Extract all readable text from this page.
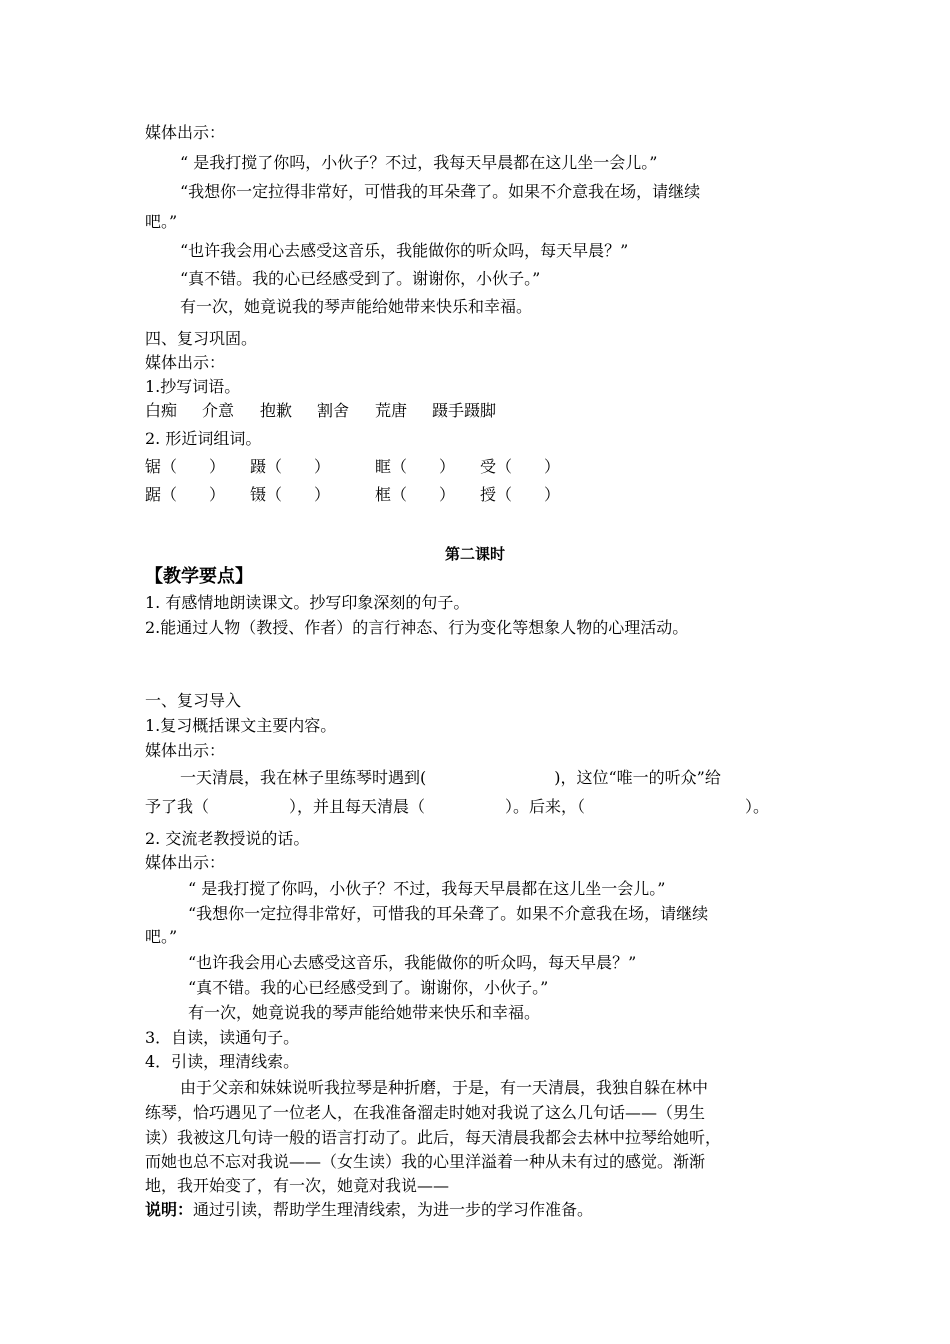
媒体出示：
“ 是我打搅了你吗，小伙子？不过，我每天早晨都在这儿坐一会儿。”
“我想你一定拉得非常好，可惜我的耳朵聋了。如果不介意我在场，请继续
吧。”
“也许我会用心去感受这音乐，我能做你的听众吗，每天早晨？”
“真不错。我的心已经感受到了。谢谢你，小伙子。”
有一次，她竟说我的琴声能给她带来快乐和幸福。
四、复习巩固。
媒体出示：
1.抄写词语。
白痴 介意 抱歉 割舍 荒唐 蹑手蹑脚
2. 形近词组词。
锯（　　） 蹑（　　）	眶（　　） 受（　　）
踞（　　） 镊（　　）	框（　　） 授（　　）
第二课时
【教学要点】
1. 有感情地朗读课文。抄写印象深刻的句子。
2.能通过人物（教授、作者）的言行神态、行为变化等想象人物的心理活动。
一、复习导入
1.复习概括课文主要内容。
媒体出示：
一天清晨，我在林子里练琴时遇到(　　　　　　　　)，这位“唯一的听众”给
予了我（　　　　　），并且每天清晨（　　　　　）。后来，（　　　　　　　　　　）。
2. 交流老教授说的话。
媒体出示：
“ 是我打搅了你吗，小伙子？不过，我每天早晨都在这儿坐一会儿。”
“我想你一定拉得非常好，可惜我的耳朵聋了。如果不介意我在场，请继续
吧。”
“也许我会用心去感受这音乐，我能做你的听众吗，每天早晨？”
“真不错。我的心已经感受到了。谢谢你，小伙子。”
有一次，她竟说我的琴声能给她带来快乐和幸福。
3．自读，读通句子。
4．引读，理清线索。
由于父亲和妹妹说听我拉琴是种折磨，于是，有一天清晨，我独自躲在林中
练琴，恰巧遇见了一位老人，在我准备溜走时她对我说了这么几句话——（男生
读）我被这几句诗一般的语言打动了。此后，每天清晨我都会去林中拉琴给她听，
而她也总不忘对我说——（女生读）我的心里洋溢着一种从未有过的感觉。渐渐
地，我开始变了，有一次，她竟对我说——
说明：通过引读，帮助学生理清线索，为进一步的学习作准备。
